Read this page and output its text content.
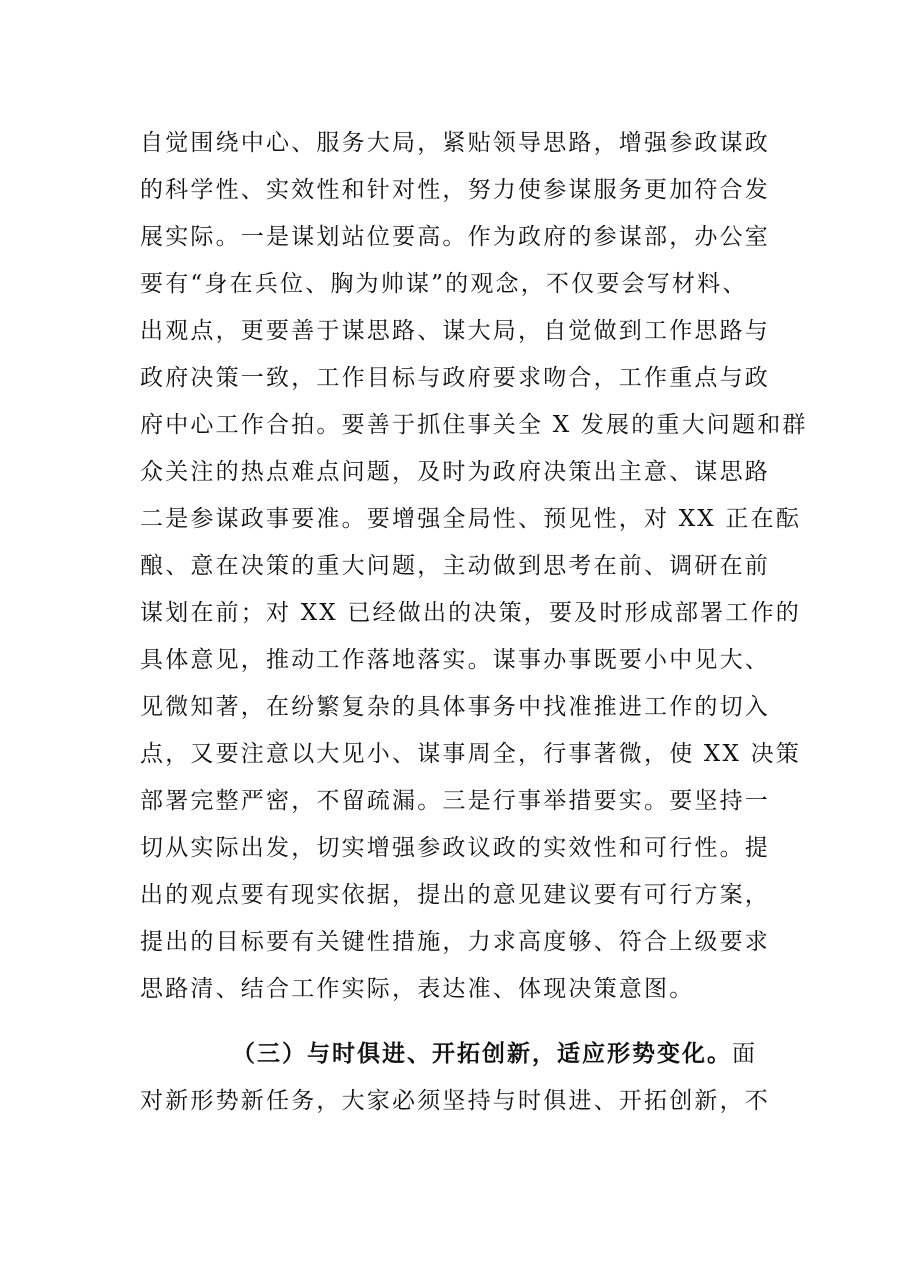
自觉围绕中心、服务大局，紧贴领导思路，增强参政谋政
的科学性、实效性和针对性，努力使参谋服务更加符合发
展实际。一是谋划站位要高。作为政府的参谋部，办公室
要有“身在兵位、胸为帅谋”的观念，不仅要会写材料、
出观点，更要善于谋思路、谋大局，自觉做到工作思路与
政府决策一致，工作目标与政府要求吻合，工作重点与政
府中心工作合拍。要善于抓住事关全 X 发展的重大问题和群
众关注的热点难点问题，及时为政府决策出主意、谋思路
二是参谋政事要准。要增强全局性、预见性，对 XX 正在酝
酿、意在决策的重大问题，主动做到思考在前、调研在前
谋划在前；对 XX 已经做出的决策，要及时形成部署工作的
具体意见，推动工作落地落实。谋事办事既要小中见大、
见微知著，在纷繁复杂的具体事务中找准推进工作的切入
点，又要注意以大见小、谋事周全，行事著微，使 XX 决策
部署完整严密，不留疏漏。三是行事举措要实。要坚持一
切从实际出发，切实增强参政议政的实效性和可行性。提
出的观点要有现实依据，提出的意见建议要有可行方案，
提出的目标要有关键性措施，力求高度够、符合上级要求
思路清、结合工作实际，表达准、体现决策意图。
（三）与时俱进、开拓创新，适应形势变化。面
对新形势新任务，大家必须坚持与时俱进、开拓创新，不
